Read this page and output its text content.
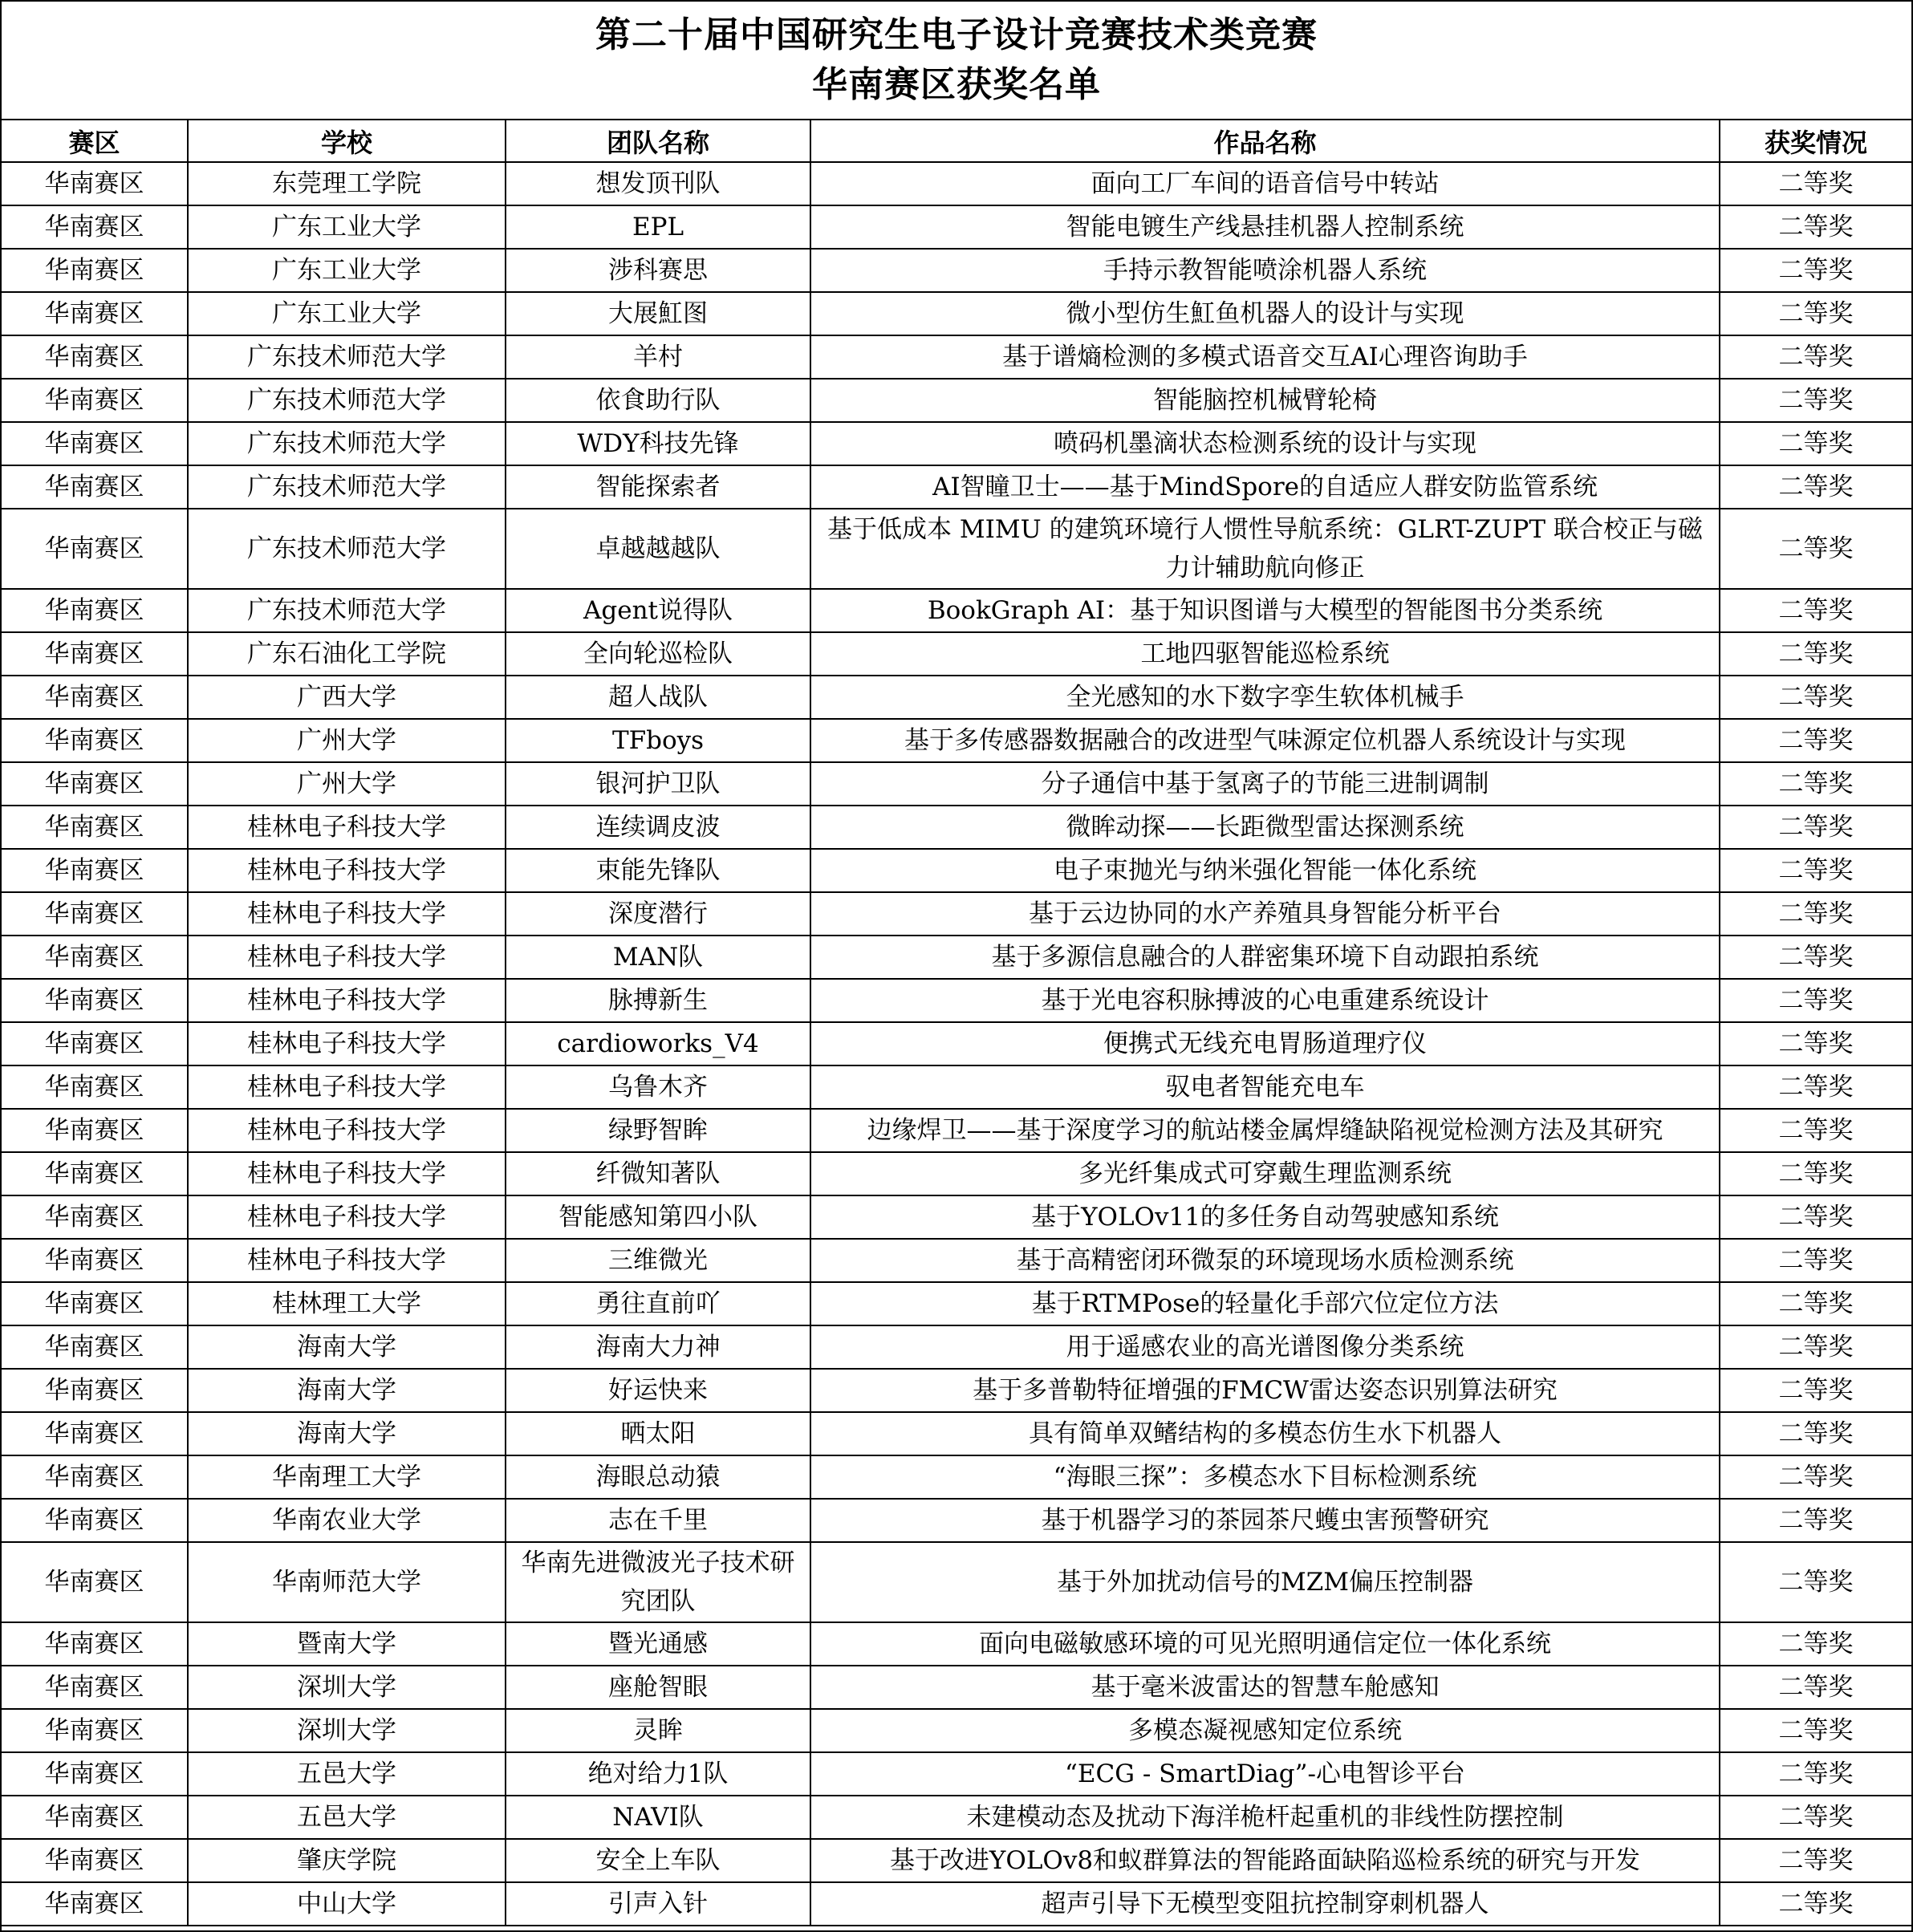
第二十届中国研究生电子设计竞赛技术类竞赛
华南赛区获奖名单
赛区	学校	团队名称	作品名称	获奖情况
华南赛区	东莞理工学院	想发顶刊队	面向工厂车间的语音信号中转站	二等奖
华南赛区	广东工业大学	EPL	智能电镀生产线悬挂机器人控制系统	二等奖
华南赛区	广东工业大学	涉科赛思	手持示教智能喷涂机器人系统	二等奖
华南赛区	广东工业大学	大展魟图	微小型仿生魟鱼机器人的设计与实现	二等奖
华南赛区	广东技术师范大学	羊村	基于谱熵检测的多模式语音交互AI心理咨询助手	二等奖
华南赛区	广东技术师范大学	依食助行队	智能脑控机械臂轮椅	二等奖
华南赛区	广东技术师范大学	WDY科技先锋	喷码机墨滴状态检测系统的设计与实现	二等奖
华南赛区	广东技术师范大学	智能探索者	AI智瞳卫士——基于MindSpore的自适应人群安防监管系统	二等奖
华南赛区	广东技术师范大学	卓越越越队	基于低成本 MIMU 的建筑环境行人惯性导航系统：GLRT-ZUPT 联合校正与磁力计辅助航向修正	二等奖
华南赛区	广东技术师范大学	Agent说得队	BookGraph AI：基于知识图谱与大模型的智能图书分类系统	二等奖
华南赛区	广东石油化工学院	全向轮巡检队	工地四驱智能巡检系统	二等奖
华南赛区	广西大学	超人战队	全光感知的水下数字孪生软体机械手	二等奖
华南赛区	广州大学	TFboys	基于多传感器数据融合的改进型气味源定位机器人系统设计与实现	二等奖
华南赛区	广州大学	银河护卫队	分子通信中基于氢离子的节能三进制调制	二等奖
华南赛区	桂林电子科技大学	连续调皮波	微眸动探——长距微型雷达探测系统	二等奖
华南赛区	桂林电子科技大学	束能先锋队	电子束抛光与纳米强化智能一体化系统	二等奖
华南赛区	桂林电子科技大学	深度潜行	基于云边协同的水产养殖具身智能分析平台	二等奖
华南赛区	桂林电子科技大学	MAN队	基于多源信息融合的人群密集环境下自动跟拍系统	二等奖
华南赛区	桂林电子科技大学	脉搏新生	基于光电容积脉搏波的心电重建系统设计	二等奖
华南赛区	桂林电子科技大学	cardioworks_V4	便携式无线充电胃肠道理疗仪	二等奖
华南赛区	桂林电子科技大学	乌鲁木齐	驭电者智能充电车	二等奖
华南赛区	桂林电子科技大学	绿野智眸	边缘焊卫——基于深度学习的航站楼金属焊缝缺陷视觉检测方法及其研究	二等奖
华南赛区	桂林电子科技大学	纤微知著队	多光纤集成式可穿戴生理监测系统	二等奖
华南赛区	桂林电子科技大学	智能感知第四小队	基于YOLOv11的多任务自动驾驶感知系统	二等奖
华南赛区	桂林电子科技大学	三维微光	基于高精密闭环微泵的环境现场水质检测系统	二等奖
华南赛区	桂林理工大学	勇往直前吖	基于RTMPose的轻量化手部穴位定位方法	二等奖
华南赛区	海南大学	海南大力神	用于遥感农业的高光谱图像分类系统	二等奖
华南赛区	海南大学	好运快来	基于多普勒特征增强的FMCW雷达姿态识别算法研究	二等奖
华南赛区	海南大学	晒太阳	具有简单双鳍结构的多模态仿生水下机器人	二等奖
华南赛区	华南理工大学	海眼总动猿	“海眼三探”：多模态水下目标检测系统	二等奖
华南赛区	华南农业大学	志在千里	基于机器学习的茶园茶尺蠖虫害预警研究	二等奖
华南赛区	华南师范大学	华南先进微波光子技术研究团队	基于外加扰动信号的MZM偏压控制器	二等奖
华南赛区	暨南大学	暨光通感	面向电磁敏感环境的可见光照明通信定位一体化系统	二等奖
华南赛区	深圳大学	座舱智眼	基于毫米波雷达的智慧车舱感知	二等奖
华南赛区	深圳大学	灵眸	多模态凝视感知定位系统	二等奖
华南赛区	五邑大学	绝对给力1队	“ECG - SmartDiag”-心电智诊平台	二等奖
华南赛区	五邑大学	NAVI队	未建模动态及扰动下海洋桅杆起重机的非线性防摆控制	二等奖
华南赛区	肇庆学院	安全上车队	基于改进YOLOv8和蚁群算法的智能路面缺陷巡检系统的研究与开发	二等奖
华南赛区	中山大学	引声入针	超声引导下无模型变阻抗控制穿刺机器人	二等奖
